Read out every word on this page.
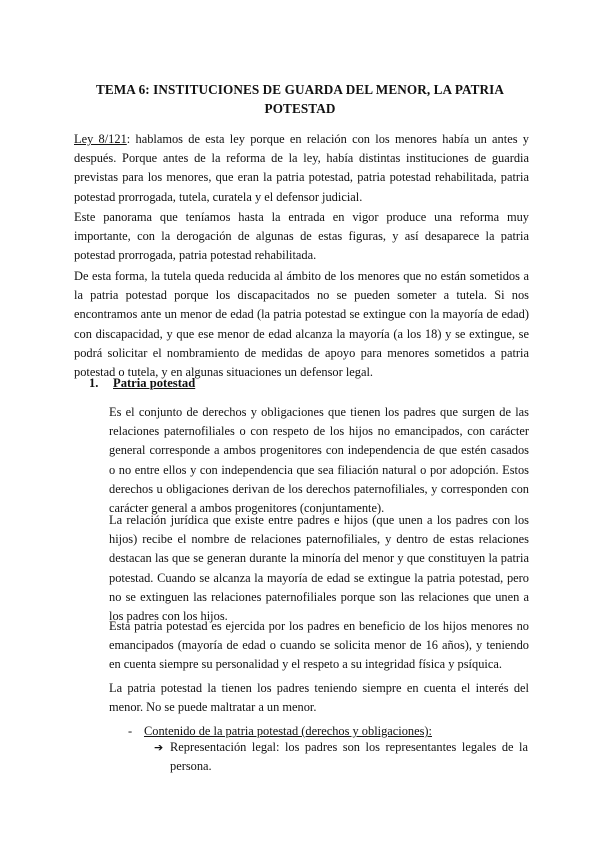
TEMA 6: INSTITUCIONES DE GUARDA DEL MENOR, LA PATRIA POTESTAD

Ley 8/121: hablamos de esta ley porque en relación con los menores había un antes y después. Porque antes de la reforma de la ley, había distintas instituciones de guardia previstas para los menores, que eran la patria potestad, patria potestad rehabilitada, patria potestad prorrogada, tutela, curatela y el defensor judicial.

Este panorama que teníamos hasta la entrada en vigor produce una reforma muy importante, con la derogación de algunas de estas figuras, y así desaparece la patria potestad prorrogada, patria potestad rehabilitada.

De esta forma, la tutela queda reducida al ámbito de los menores que no están sometidos a la patria potestad porque los discapacitados no se pueden someter a tutela. Si nos encontramos ante un menor de edad (la patria potestad se extingue con la mayoría de edad) con discapacidad, y que ese menor de edad alcanza la mayoría (a los 18) y se extingue, se podrá solicitar el nombramiento de medidas de apoyo para menores sometidos a patria potestad o tutela, y en algunas situaciones un defensor legal.

1. Patria potestad

Es el conjunto de derechos y obligaciones que tienen los padres que surgen de las relaciones paternofiliales o con respeto de los hijos no emancipados, con carácter general corresponde a ambos progenitores con independencia de que estén casados o no entre ellos y con independencia que sea filiación natural o por adopción. Estos derechos u obligaciones derivan de los derechos paternofiliales, y corresponden con carácter general a ambos progenitores (conjuntamente).

La relación jurídica que existe entre padres e hijos (que unen a los padres con los hijos) recibe el nombre de relaciones paternofiliales, y dentro de estas relaciones destacan las que se generan durante la minoría del menor y que constituyen la patria potestad. Cuando se alcanza la mayoría de edad se extingue la patria potestad, pero no se extinguen las relaciones paternofiliales porque son las relaciones que unen a los padres con los hijos.

Esta patria potestad es ejercida por los padres en beneficio de los hijos menores no emancipados (mayoría de edad o cuando se solicita menor de 16 años), y teniendo en cuenta siempre su personalidad y el respeto a su integridad física y psíquica.

La patria potestad la tienen los padres teniendo siempre en cuenta el interés del menor. No se puede maltratar a un menor.

- Contenido de la patria potestad (derechos y obligaciones):
➔ Representación legal: los padres son los representantes legales de la persona.
